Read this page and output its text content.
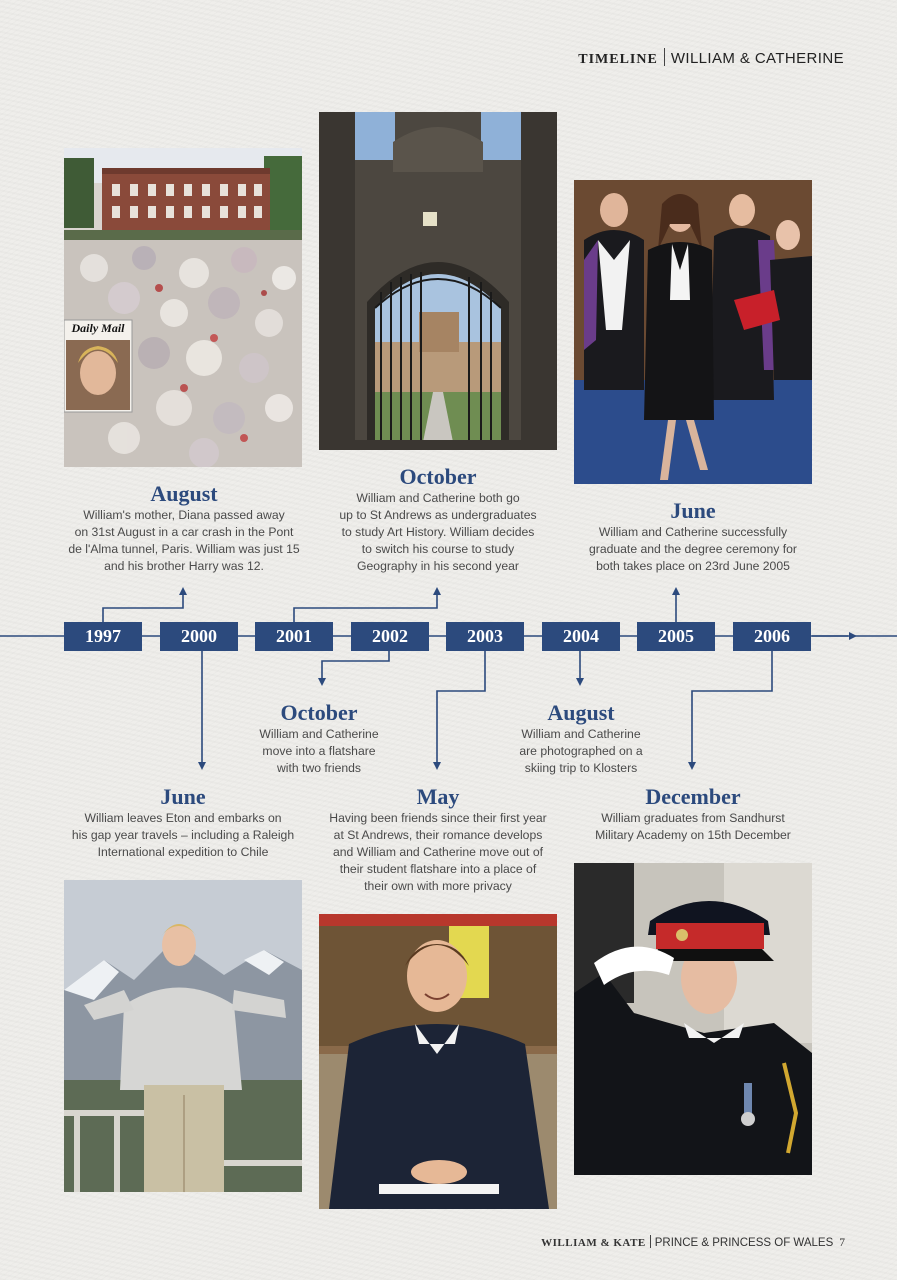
TIMELINE WILLIAM & CATHERINE
Daily Mail
August
William's mother, Diana passed away
on 31st August in a car crash in the Pont
de l'Alma tunnel, Paris. William was just 15
and his brother Harry was 12.
October
William and Catherine both go
up to St Andrews as undergraduates
to study Art History. William decides
to switch his course to study
Geography in his second year
June
William and Catherine successfully
graduate and the degree ceremony for
both takes place on 23rd June 2005
1997	2000	2001	2002	2003	2004	2005	2006
October
William and Catherine
move into a flatshare
with two friends
August
William and Catherine
are photographed on a
skiing trip to Klosters
June
William leaves Eton and embarks on
his gap year travels – including a Raleigh
International expedition to Chile
May
Having been friends since their first year
at St Andrews, their romance develops
and William and Catherine move out of
their student flatshare into a place of
their own with more privacy
December
William graduates from Sandhurst
Military Academy on 15th December
WILLIAM & KATE PRINCE & PRINCESS OF WALES 7
